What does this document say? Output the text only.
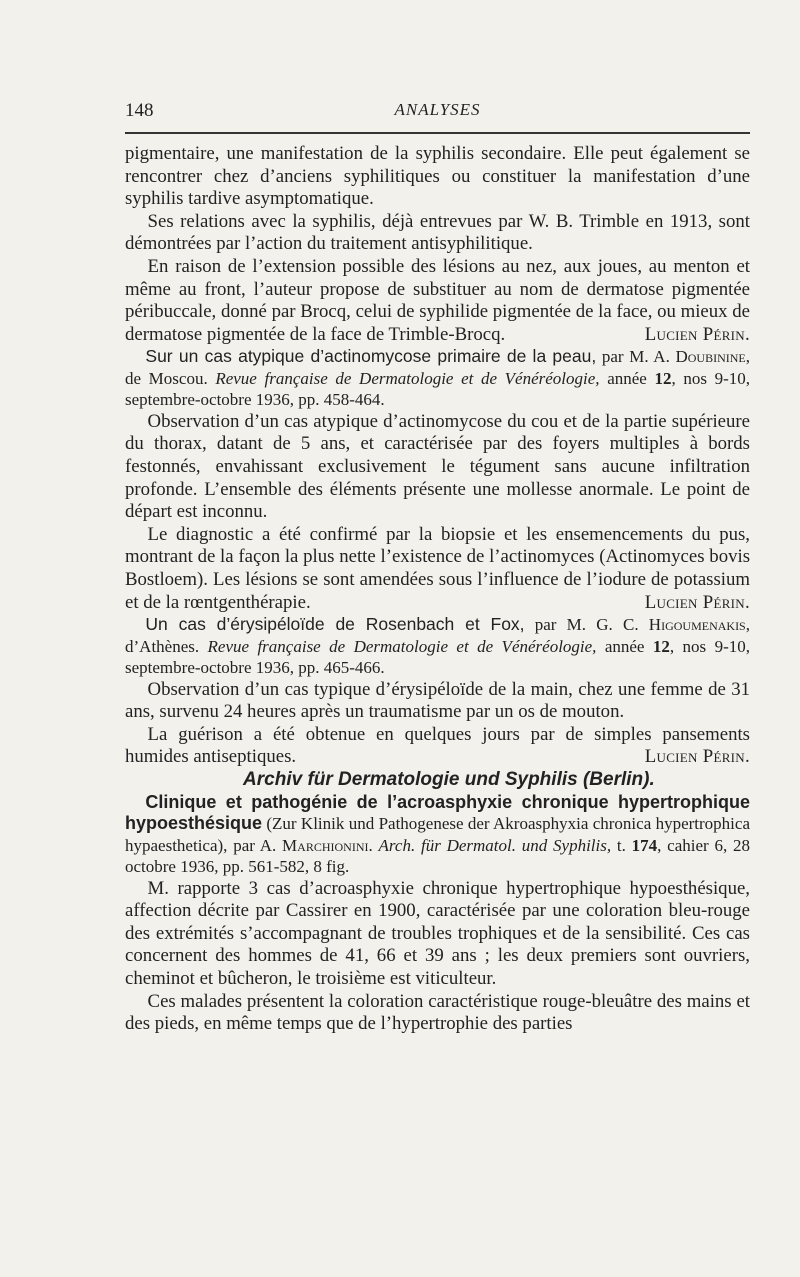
148	ANALYSES

pigmentaire, une manifestation de la syphilis secondaire. Elle peut également se rencontrer chez d’anciens syphilitiques ou constituer la manifestation d’une syphilis tardive asymptomatique.

Ses relations avec la syphilis, déjà entrevues par W. B. Trimble en 1913, sont démontrées par l’action du traitement antisyphilitique.

En raison de l’extension possible des lésions au nez, aux joues, au menton et même au front, l’auteur propose de substituer au nom de dermatose pigmentée péribuccale, donné par Brocq, celui de syphilide pigmentée de la face, ou mieux de dermatose pigmentée de la face de Trimble-Brocq.	Lucien Périn.

Sur un cas atypique d’actinomycose primaire de la peau, par M. A. Doubinine, de Moscou. Revue française de Dermatologie et de Vénéréologie, année 12, nos 9-10, septembre-octobre 1936, pp. 458-464.

Observation d’un cas atypique d’actinomycose du cou et de la partie supérieure du thorax, datant de 5 ans, et caractérisée par des foyers multiples à bords festonnés, envahissant exclusivement le tégument sans aucune infiltration profonde. L’ensemble des éléments présente une mollesse anormale. Le point de départ est inconnu.

Le diagnostic a été confirmé par la biopsie et les ensemencements du pus, montrant de la façon la plus nette l’existence de l’actinomyces (Actinomyces bovis Bostloem). Les lésions se sont amendées sous l’influence de l’iodure de potassium et de la rœntgenthérapie.	Lucien Périn.

Un cas d’érysipéloïde de Rosenbach et Fox, par M. G. C. Higoumenakis, d’Athènes. Revue française de Dermatologie et de Vénéréologie, année 12, nos 9-10, septembre-octobre 1936, pp. 465-466.

Observation d’un cas typique d’érysipéloïde de la main, chez une femme de 31 ans, survenu 24 heures après un traumatisme par un os de mouton.

La guérison a été obtenue en quelques jours par de simples pansements humides antiseptiques.	Lucien Périn.

Archiv für Dermatologie und Syphilis (Berlin).

Clinique et pathogénie de l’acroasphyxie chronique hypertrophique hypoesthésique (Zur Klinik und Pathogenese der Akroasphyxia chronica hypertrophica hypaesthetica), par A. Marchionini. Arch. für Dermatol. und Syphilis, t. 174, cahier 6, 28 octobre 1936, pp. 561-582, 8 fig.

M. rapporte 3 cas d’acroasphyxie chronique hypertrophique hypoesthésique, affection décrite par Cassirer en 1900, caractérisée par une coloration bleu-rouge des extrémités s’accompagnant de troubles trophiques et de la sensibilité. Ces cas concernent des hommes de 41, 66 et 39 ans ; les deux premiers sont ouvriers, cheminot et bûcheron, le troisième est viticulteur.

Ces malades présentent la coloration caractéristique rouge-bleuâtre des mains et des pieds, en même temps que de l’hypertrophie des parties
